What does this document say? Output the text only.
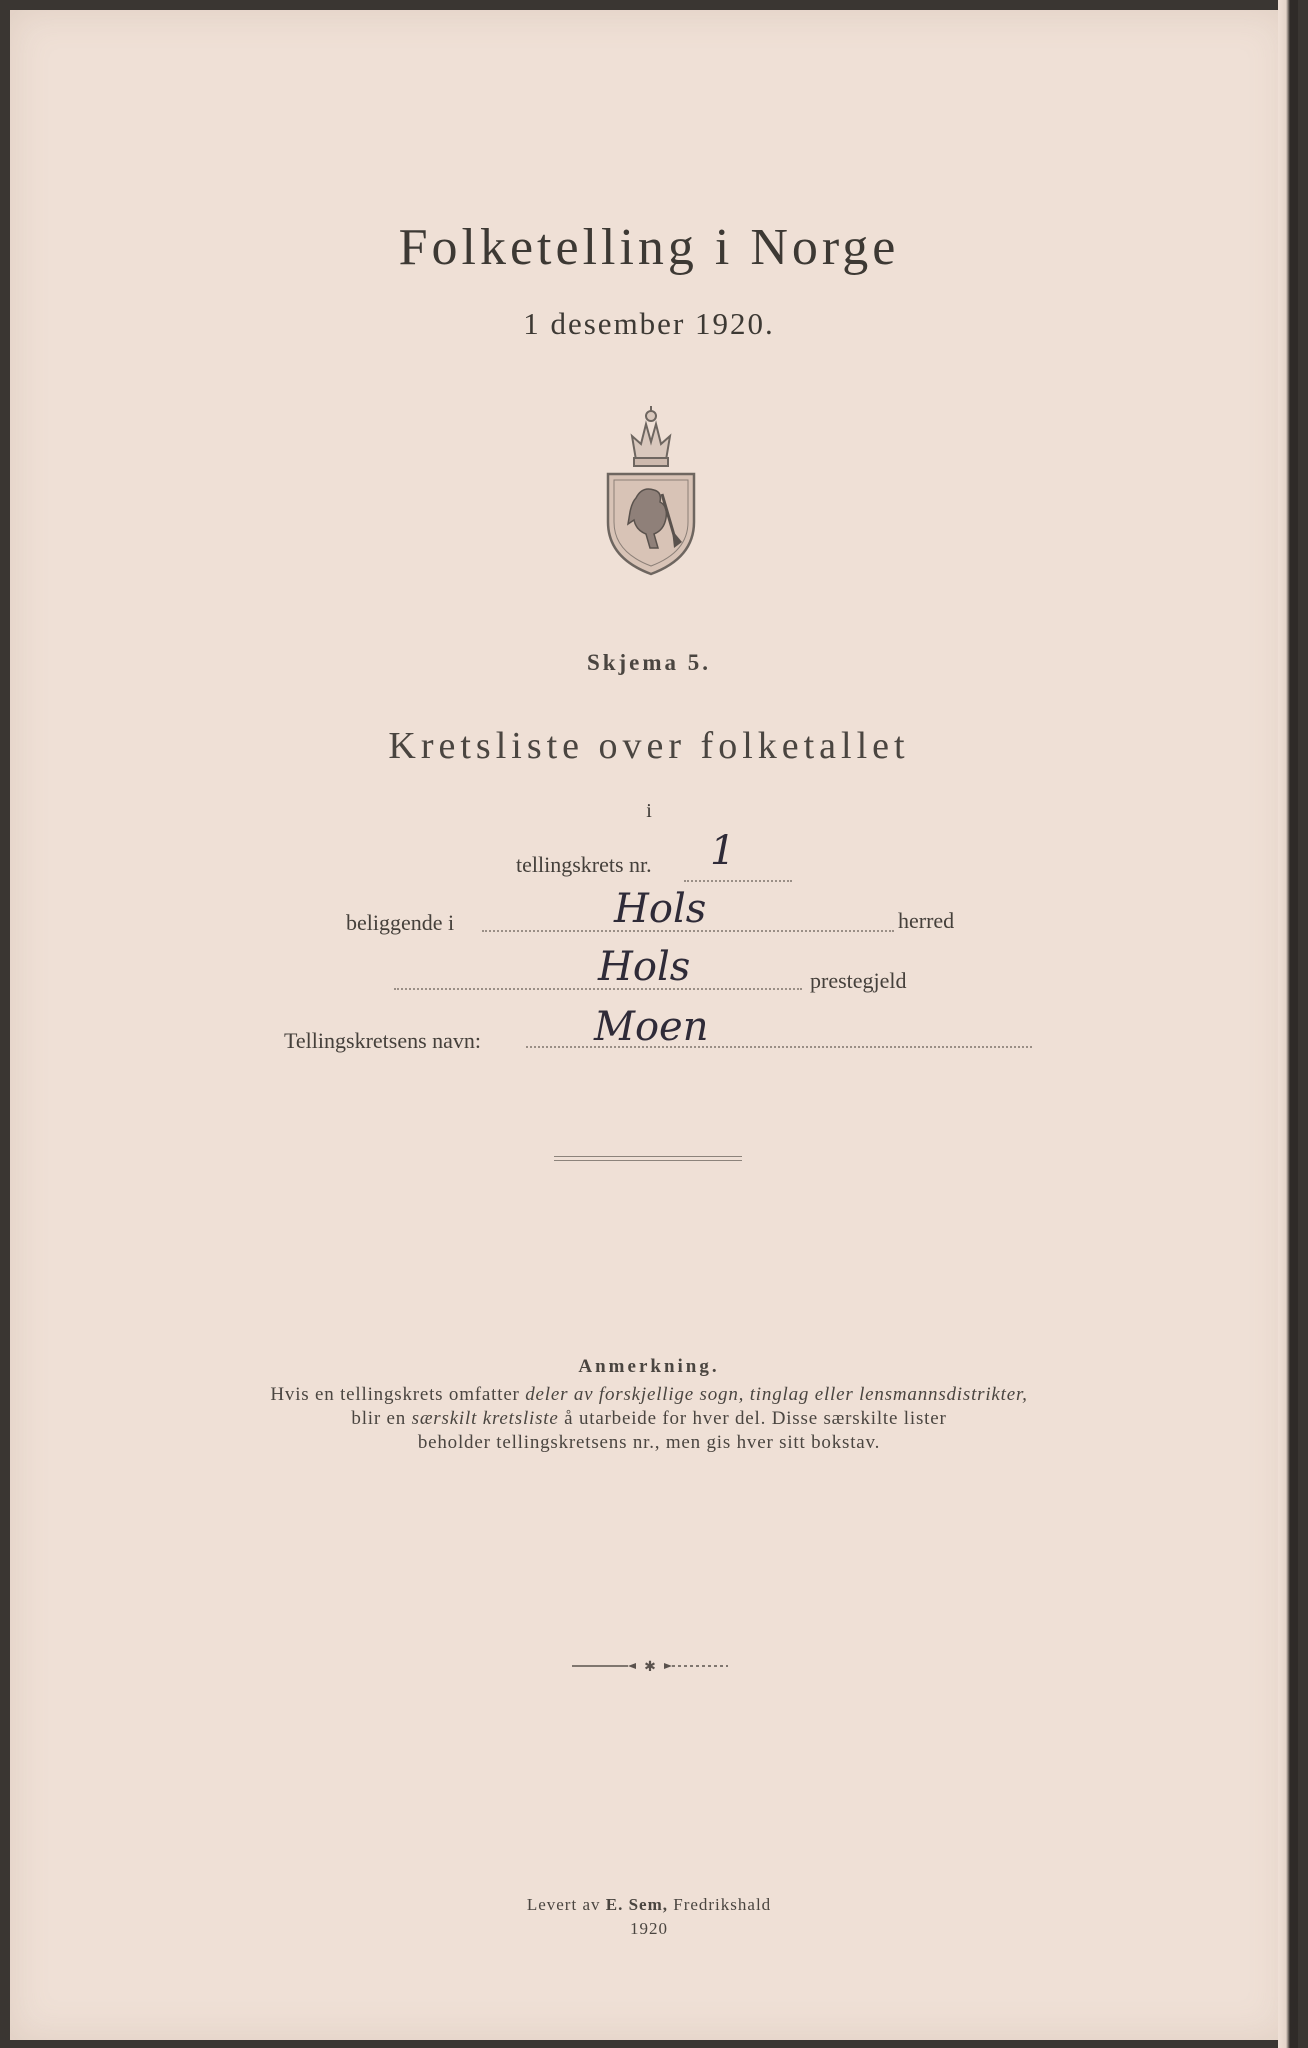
Folketelling i Norge
1 desember 1920.
Skjema 5.
Kretsliste over folketallet
i
tellingskrets nr. 1
beliggende i	Hols	herred
Hols	prestegjeld
Tellingskretsens navn:	Moen
Anmerkning.
Hvis en tellingskrets omfatter deler av forskjellige sogn, tinglag eller lensmannsdistrikter,
blir en særskilt kretsliste å utarbeide for hver del. Disse særskilte lister
beholder tellingskretsens nr., men gis hver sitt bokstav.
✱
Levert av E. Sem, Fredrikshald
1920
